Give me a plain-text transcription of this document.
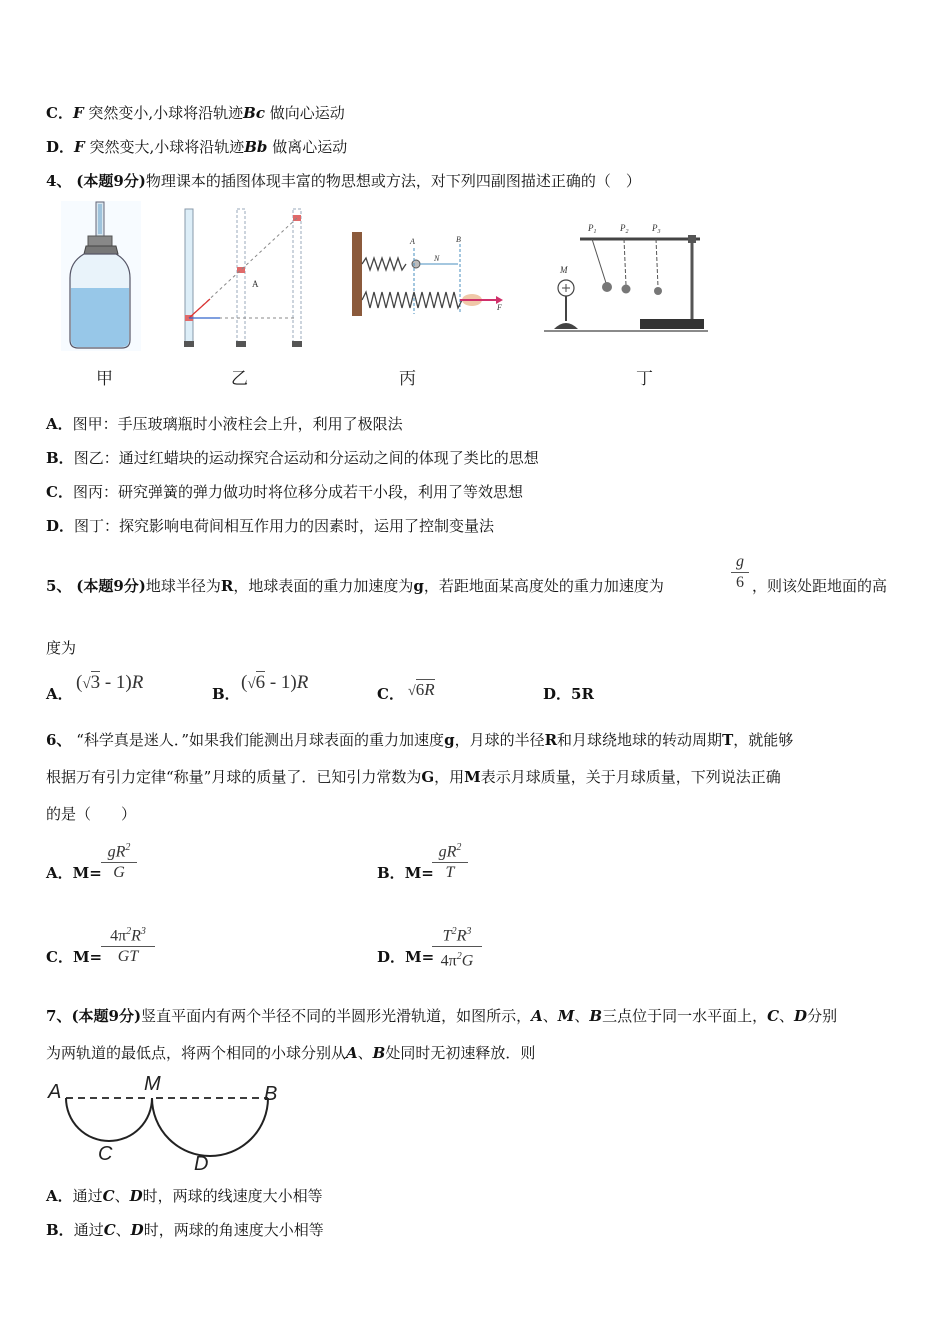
C．F 突然变小,小球将沿轨迹Bc 做向心运动
D．F 突然变大,小球将沿轨迹Bb 做离心运动
4、 (本题9分)物理课本的插图体现丰富的物思想或方法，对下列四副图描述正确的（　）
A
A	B
N
F
$P_1$	$P_2$	$P_3$
M
甲	乙	丙	丁
A．图甲：手压玻璃瓶时小液柱会上升，利用了极限法
B．图乙：通过红蜡块的运动探究合运动和分运动之间的体现了类比的思想
C．图丙：研究弹簧的弹力做功时将位移分成若干小段，利用了等效思想
D．图丁：探究影响电荷间相互作用力的因素时，运用了控制变量法
5、 (本题9分)地球半径为R，地球表面的重力加速度为g，若距地面某高度处的重力加速度为
g
6 ，则该处距地面的高
度为
A．
(√3 - 1)R
B．
(√6 - 1)R
C． √6R	D．5R
6、 “科学真是迷人．”如果我们能测出月球表面的重力加速度g，月球的半径R和月球绕地球的转动周期T，就能够
根据万有引力定律“称量”月球的质量了．已知引力常数为G，用M表示月球质量，关于月球质量，下列说法正确
的是（　　）
A．M=
$gR^2$
G	B．M=
$gR^2$
T
C．M=
$4\pi^2R^3$
GT	D．M=
$T^2R^3$
$4\pi^2G$
7、(本题9分)竖直平面内有两个半径不同的半圆形光滑轨道，如图所示，A、M、B三点位于同一水平面上，C、D分别
为两轨道的最低点，将两个相同的小球分别从A、B处同时无初速释放．则
A	M	B
C	D
A．通过C、D时，两球的线速度大小相等
B．通过C、D时，两球的角速度大小相等
